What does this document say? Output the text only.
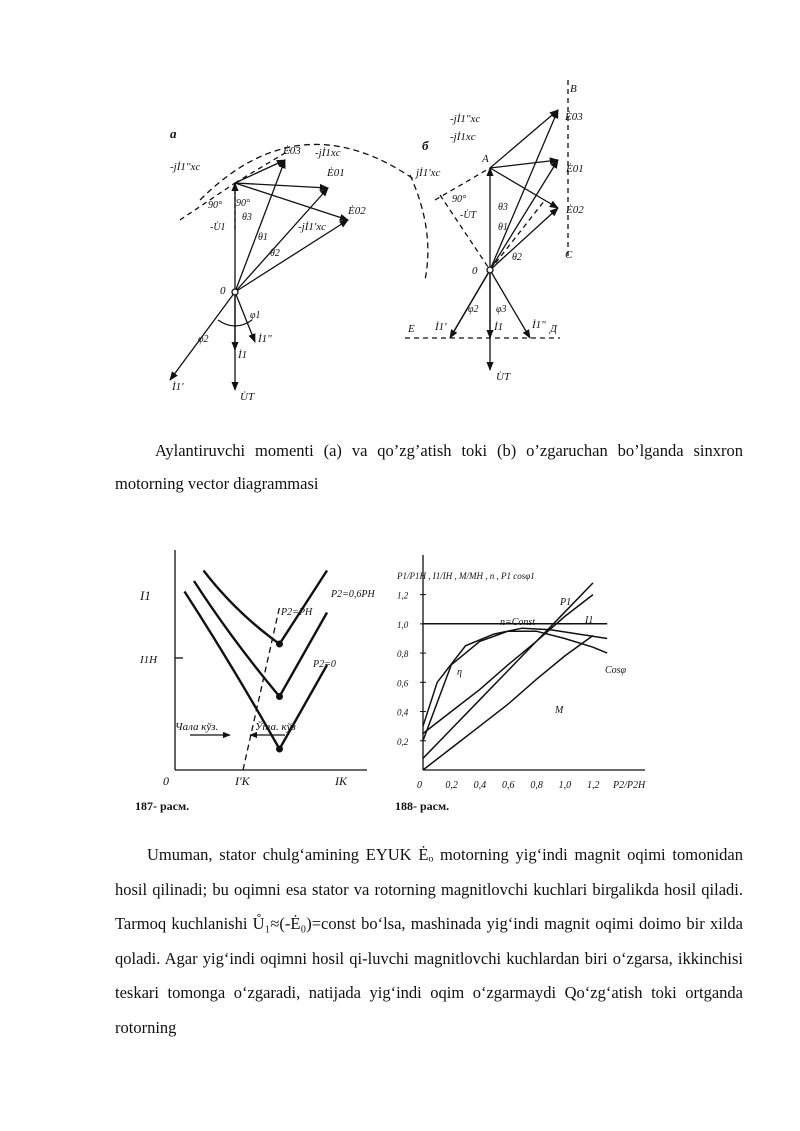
a
Ė03
Ė01
Ė02
-jİ1"xc
-jİ1xc
-jİ1'xc
90° 90°
-U̇1
θ3
θ1
θ2
0
φ2
φ1
İ1"
İ1
İ1'
U̇T
б
B
Ė03
-jİ1"xc
-jİ1xc
A
Ė01
jİ1'xc
90°
-U̇T
θ3
θ1
Ė02
θ2	C
0
φ2 φ3
E İ1'	İ1	İ1" Д
U̇T
Aylantiruvchi momenti (a) va qo’zg’atish toki (b) o’zgaruchan bo’lganda sinxron motorning vector diagrammasi
I1
I1H
0	I'K	IK
P2=0
P2=0,6PH
P2=PH
Чала кўз.	Ўта. кўз
187- расм.
1,2
1,0
0,8
0,6
0,4
0,2
0 0,2 0,4 0,6 0,8 1,0 1,2
P1/P1H , I1/IH , M/MH , n , P1 cosφ1
P2/P2H
n=Const
P1
I1
Cosφ
M
η
188- расм.
Umuman, stator chulg‘amining EYUK Ėₒ motorning yig‘indi magnit oqimi tomonidan hosil qilinadi; bu oqimni esa stator va rotorning magnitlovchi kuchlari birgalikda hosil qiladi. Tarmoq kuchlanishi Ů₁≈(-Ė₀)=const bo‘lsa, mashinada yig‘indi magnit oqimi doimo bir xilda qoladi. Agar yig‘indi oqimni hosil qi-luvchi magnitlovchi kuchlardan biri o‘zgarsa, ikkinchisi teskari tomonga o‘zgaradi, natijada yig‘indi oqim o‘zgarmaydi Qo‘zg‘atish toki ortganda rotorning
